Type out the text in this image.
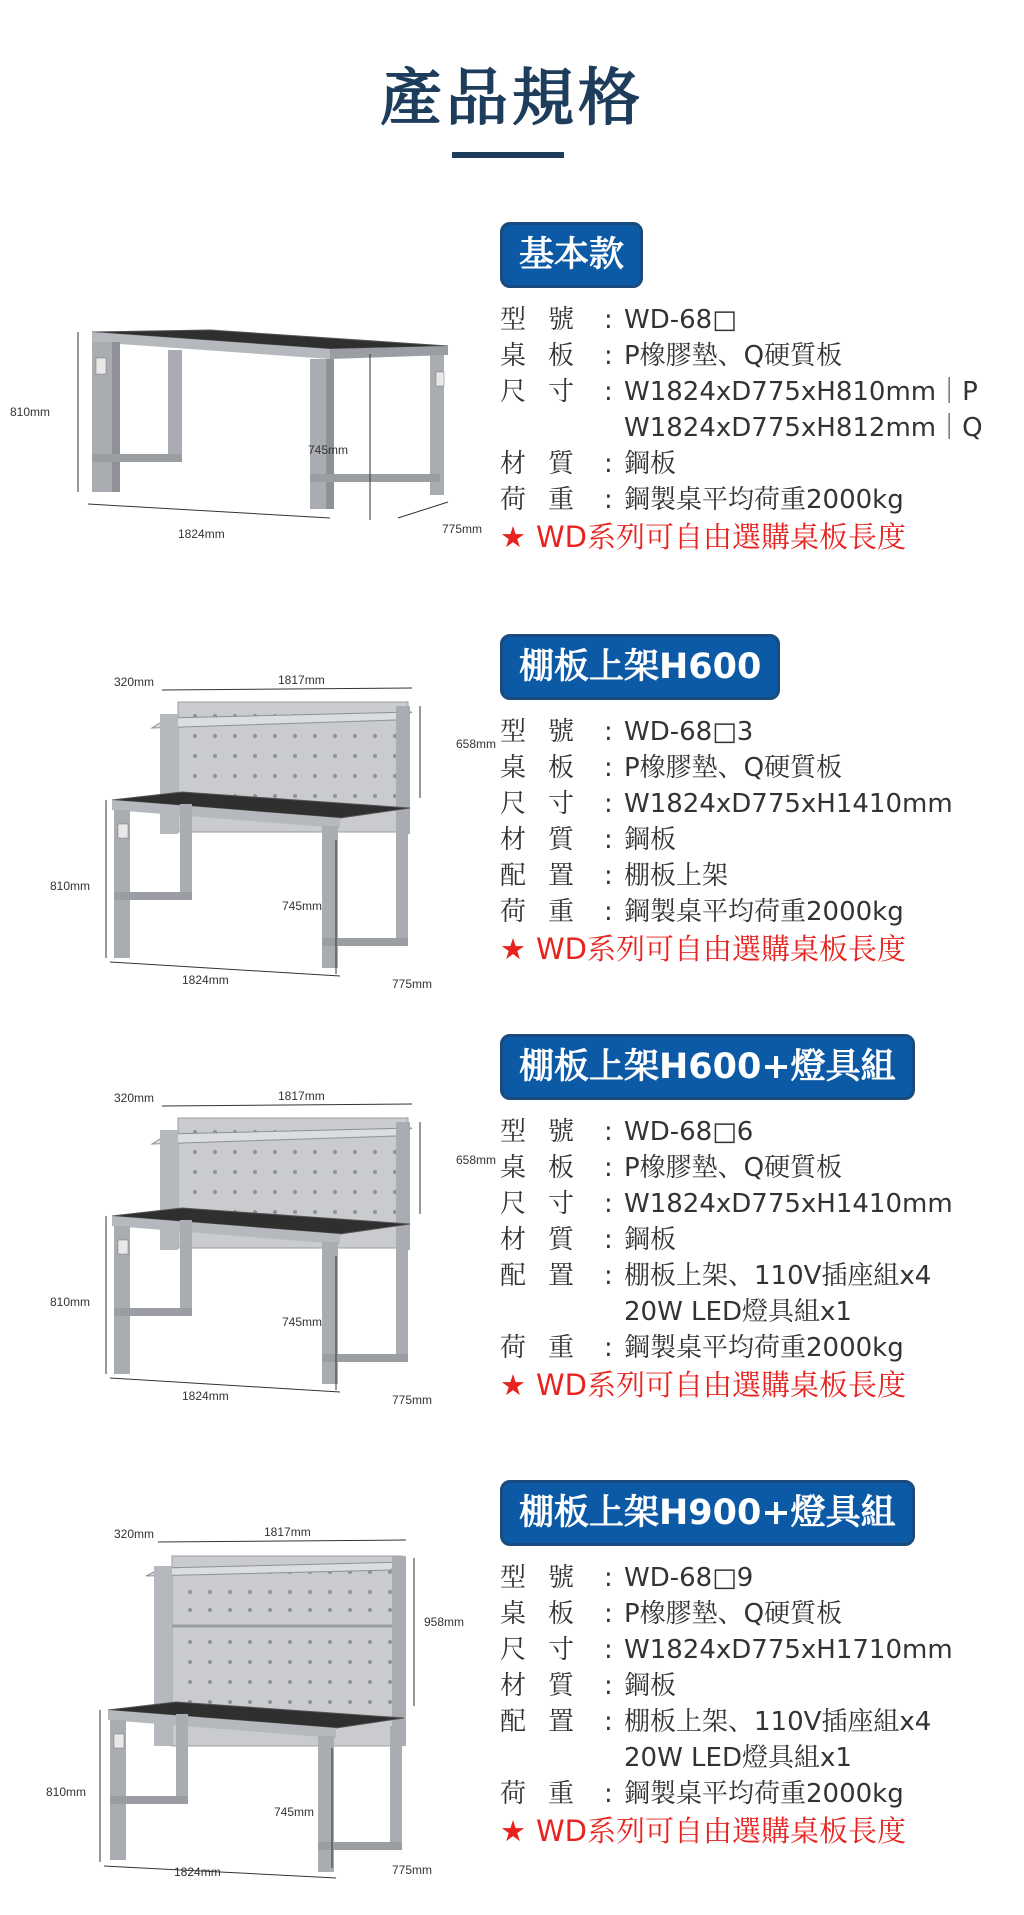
產品規格
810mm
745mm
1824mm	775mm
基本款
型號 : WD-68□
桌板 : P橡膠墊、Q硬質板
尺寸 : W1824xD775xH810mm｜P
W1824xD775xH812mm｜Q
材質 : 鋼板
荷重 : 鋼製桌平均荷重2000kg
★ WD系列可自由選購桌板長度
320mm	1817mm
658mm
810mm
745mm
1824mm	775mm
棚板上架H600
型號 : WD-68□3
桌板 : P橡膠墊、Q硬質板
尺寸 : W1824xD775xH1410mm
材質 : 鋼板
配置 : 棚板上架
荷重 : 鋼製桌平均荷重2000kg
★ WD系列可自由選購桌板長度
320mm	1817mm
658mm
810mm
745mm
1824mm	775mm
棚板上架H600+燈具組
型號 : WD-68□6
桌板 : P橡膠墊、Q硬質板
尺寸 : W1824xD775xH1410mm
材質 : 鋼板
配置 : 棚板上架、110V插座組x4
20W LED燈具組x1
荷重 : 鋼製桌平均荷重2000kg
★ WD系列可自由選購桌板長度
320mm	1817mm
958mm
810mm
745mm
1824mm	775mm
棚板上架H900+燈具組
型號 : WD-68□9
桌板 : P橡膠墊、Q硬質板
尺寸 : W1824xD775xH1710mm
材質 : 鋼板
配置 : 棚板上架、110V插座組x4
20W LED燈具組x1
荷重 : 鋼製桌平均荷重2000kg
★ WD系列可自由選購桌板長度
